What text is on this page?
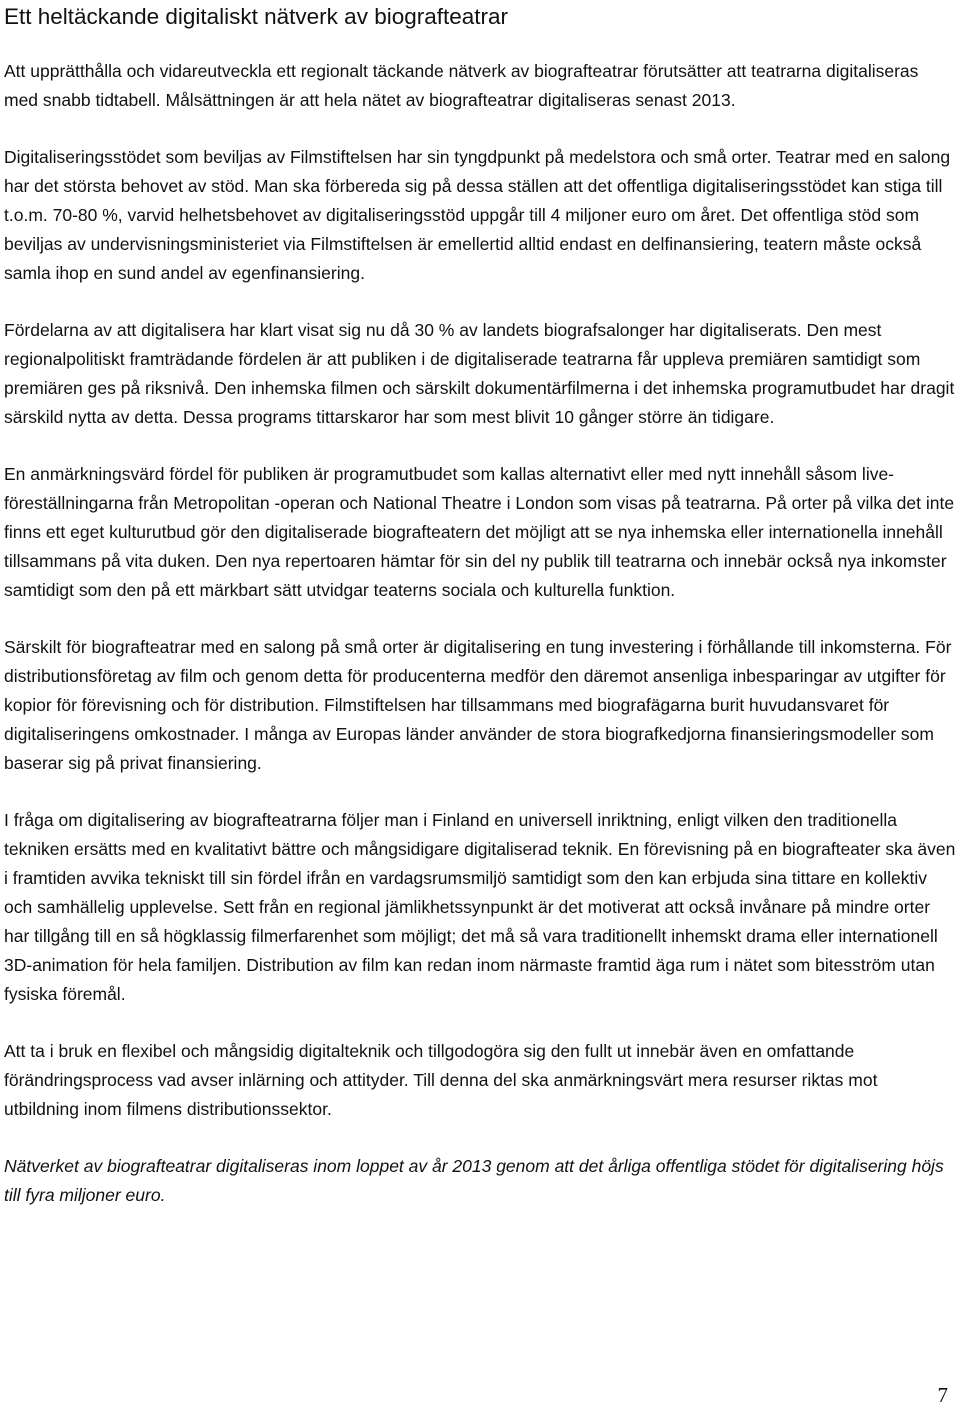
Ett heltäckande digitaliskt nätverk av biografteatrar

Att upprätthålla och vidareutveckla ett regionalt täckande nätverk av biografteatrar förutsätter att teatrarna digitaliseras med snabb tidtabell. Målsättningen är att hela nätet av biografteatrar digitaliseras senast 2013.

Digitaliseringsstödet som beviljas av Filmstiftelsen har sin tyngdpunkt på medelstora och små orter. Teatrar med en salong har det största behovet av stöd. Man ska förbereda sig på dessa ställen att det offentliga digitaliseringsstödet kan stiga till t.o.m. 70-80 %, varvid helhetsbehovet av digitaliseringsstöd uppgår till 4 miljoner euro om året. Det offentliga stöd som beviljas av undervisningsministeriet via Filmstiftelsen är emellertid alltid endast en delfinansiering, teatern måste också samla ihop en sund andel av egenfinansiering.

Fördelarna av att digitalisera har klart visat sig nu då 30 % av landets biografsalonger har digitaliserats. Den mest regionalpolitiskt framträdande fördelen är att publiken i de digitaliserade teatrarna får uppleva premiären samtidigt som premiären ges på riksnivå. Den inhemska filmen och särskilt dokumentärfilmerna i det inhemska programutbudet har dragit särskild nytta av detta. Dessa programs tittarskaror har som mest blivit 10 gånger större än tidigare.

En anmärkningsvärd fördel för publiken är programutbudet som kallas alternativt eller med nytt innehåll såsom live-föreställningarna från Metropolitan -operan och National Theatre i London som visas på teatrarna. På orter på vilka det inte finns ett eget kulturutbud gör den digitaliserade biografteatern det möjligt att se nya inhemska eller internationella innehåll tillsammans på vita duken. Den nya repertoaren hämtar för sin del ny publik till teatrarna och innebär också nya inkomster samtidigt som den på ett märkbart sätt utvidgar teaterns sociala och kulturella funktion.

Särskilt för biografteatrar med en salong på små orter är digitalisering en tung investering i förhållande till inkomsterna. För distributionsföretag av film och genom detta för producenterna medför den däremot ansenliga inbesparingar av utgifter för kopior för förevisning och för distribution. Filmstiftelsen har tillsammans med biografägarna burit huvudansvaret för digitaliseringens omkostnader. I många av Europas länder använder de stora biografkedjorna finansieringsmodeller som baserar sig på privat finansiering.

I fråga om digitalisering av biografteatrarna följer man i Finland en universell inriktning, enligt vilken den traditionella tekniken ersätts med en kvalitativt bättre och mångsidigare digitaliserad teknik. En förevisning på en biografteater ska även i framtiden avvika tekniskt till sin fördel ifrån en vardagsrumsmiljö samtidigt som den kan erbjuda sina tittare en kollektiv och samhällelig upplevelse. Sett från en regional jämlikhetssynpunkt är det motiverat att också invånare på mindre orter har tillgång till en så högklassig filmerfarenhet som möjligt; det må så vara traditionellt inhemskt drama eller internationell 3D-animation för hela familjen. Distribution av film kan redan inom närmaste framtid äga rum i nätet som bitesström utan fysiska föremål.

Att ta i bruk en flexibel och mångsidig digitalteknik och tillgodogöra sig den fullt ut innebär även en omfattande förändringsprocess vad avser inlärning och attityder. Till denna del ska anmärkningsvärt mera resurser riktas mot utbildning inom filmens distributionssektor.

Nätverket av biografteatrar digitaliseras inom loppet av år 2013 genom att det årliga offentliga stödet för digitalisering höjs till fyra miljoner euro.

7
